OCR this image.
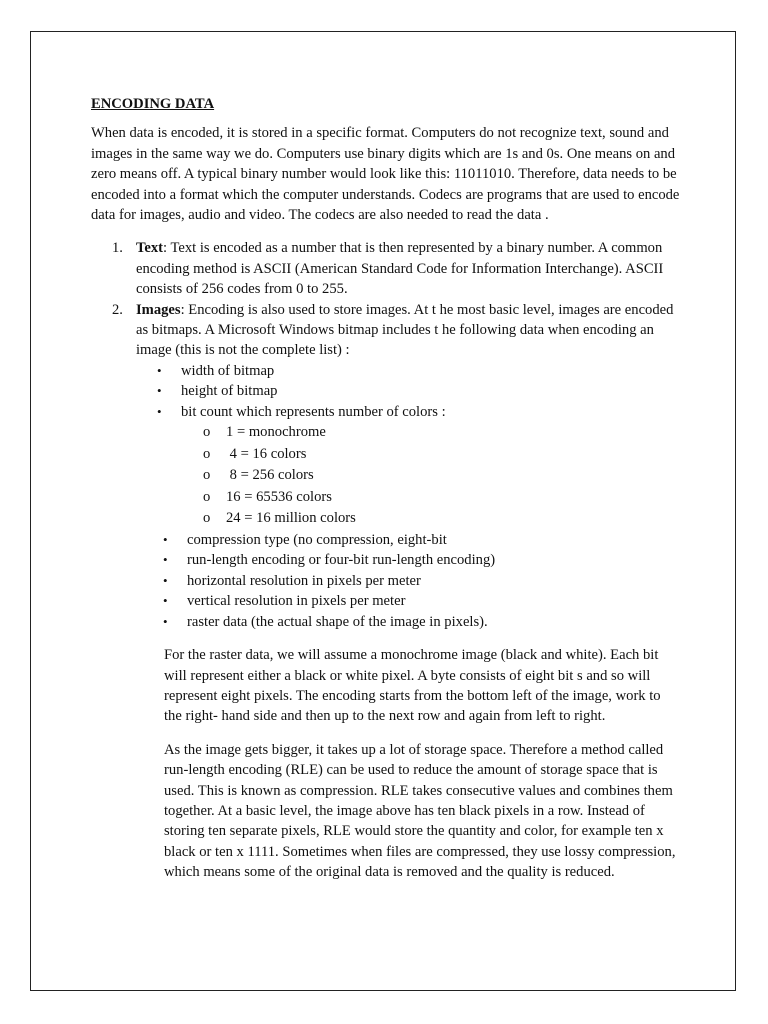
ENCODING DATA

When data is encoded, it is stored in a specific format. Computers do not recognize text, sound and images in the same way we do. Computers use binary digits which are 1s and 0s. One means on and zero means off. A typical binary number would look like this: 11011010. Therefore, data needs to be encoded into a format which the computer understands. Codecs are programs that are used to encode data for images, audio and video. The codecs are also needed to read the data .

1. Text: Text is encoded as a number that is then represented by a binary number. A common encoding method is ASCII (American Standard Code for Information Interchange). ASCII consists of 256 codes from 0 to 255.
2. Images: Encoding is also used to store images. At t he most basic level, images are encoded as bitmaps. A Microsoft Windows bitmap includes t he following data when encoding an image (this is not the complete list) :
• width of bitmap
• height of bitmap
• bit count which represents number of colors :
o 1 = monochrome
o 4 = 16 colors
o 8 = 256 colors
o 16 = 65536 colors
o 24 = 16 million colors
• compression type (no compression, eight-bit
• run-length encoding or four-bit run-length encoding)
• horizontal resolution in pixels per meter
• vertical resolution in pixels per meter
• raster data (the actual shape of the image in pixels).

For the raster data, we will assume a monochrome image (black and white). Each bit will represent either a black or white pixel. A byte consists of eight bit s and so will represent eight pixels. The encoding starts from the bottom left of the image, work to the right- hand side and then up to the next row and again from left to right.

As the image gets bigger, it takes up a lot of storage space. Therefore a method called run-length encoding (RLE) can be used to reduce the amount of storage space that is used. This is known as compression. RLE takes consecutive values and combines them together. At a basic level, the image above has ten black pixels in a row. Instead of storing ten separate pixels, RLE would store the quantity and color, for example ten x black or ten x 1111. Sometimes when files are compressed, they use lossy compression, which means some of the original data is removed and the quality is reduced.
